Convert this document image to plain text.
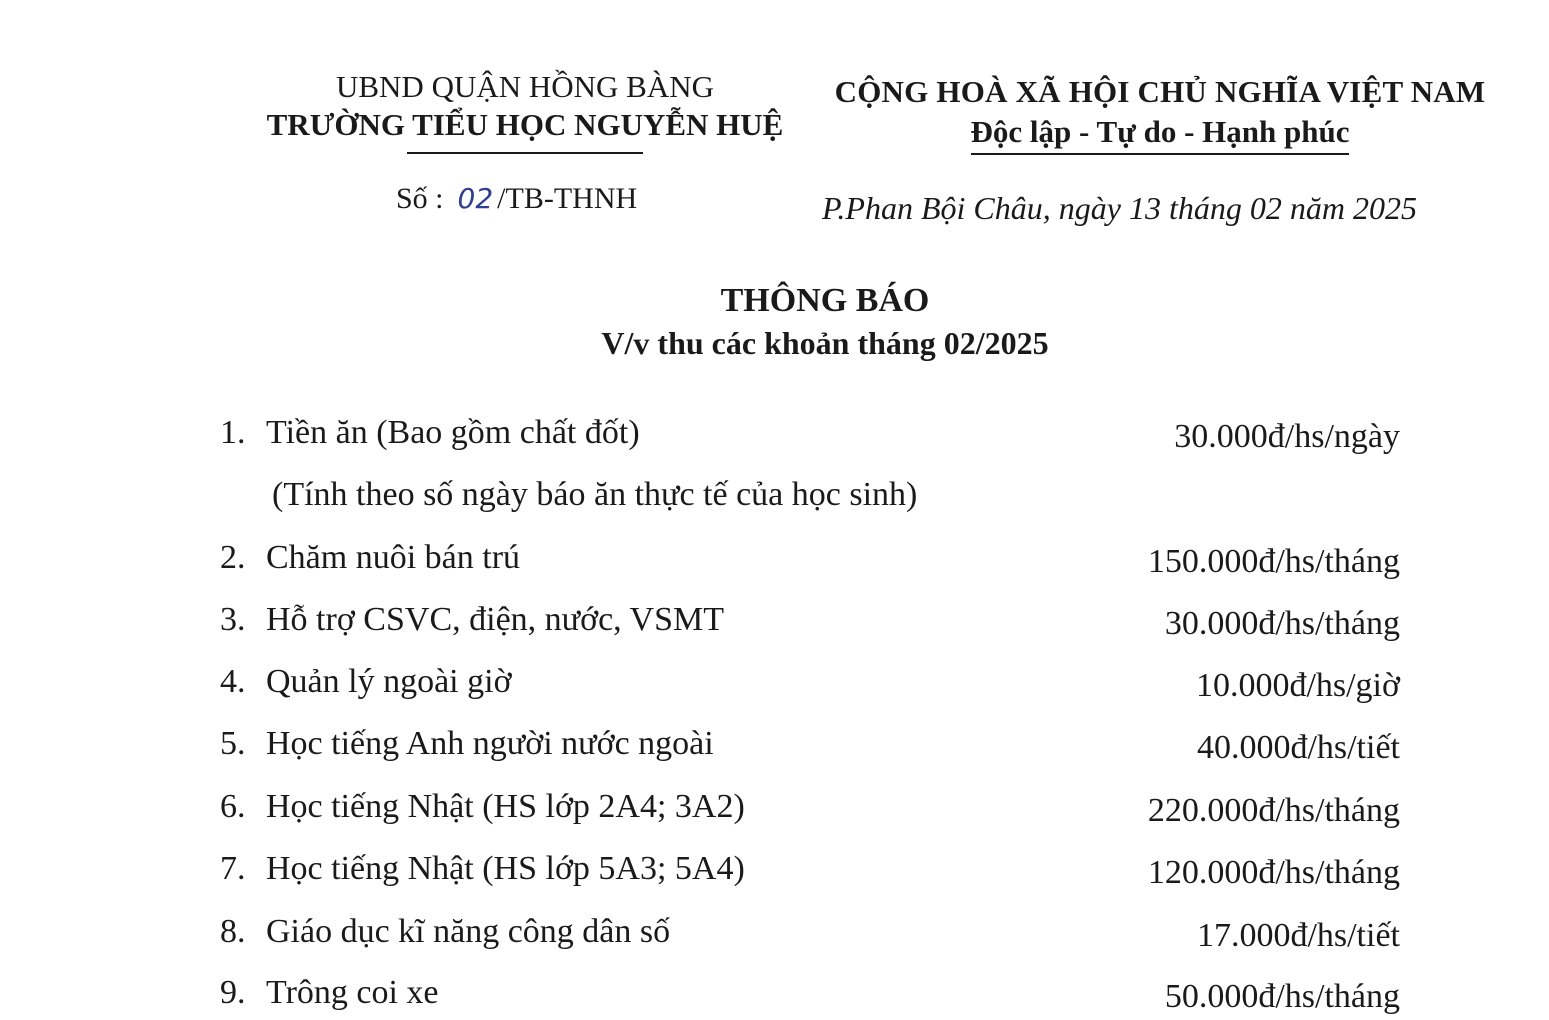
UBND QUẬN HỒNG BÀNG
TRƯỜNG TIỂU HỌC NGUYỄN HUỆ
CỘNG HOÀ XÃ HỘI CHỦ NGHĨA VIỆT NAM
Độc lập - Tự do - Hạnh phúc
Số : 02 /TB-THNH	P.Phan Bội Châu, ngày 13 tháng 02 năm 2025
THÔNG BÁO
V/v thu các khoản tháng 02/2025
1. Tiền ăn (Bao gồm chất đốt)	30.000đ/hs/ngày
(Tính theo số ngày báo ăn thực tế của học sinh)
2. Chăm nuôi bán trú	150.000đ/hs/tháng
3. Hỗ trợ CSVC, điện, nước, VSMT	30.000đ/hs/tháng
4. Quản lý ngoài giờ	10.000đ/hs/giờ
5. Học tiếng Anh người nước ngoài	40.000đ/hs/tiết
6. Học tiếng Nhật (HS lớp 2A4; 3A2)	220.000đ/hs/tháng
7. Học tiếng Nhật (HS lớp 5A3; 5A4)	120.000đ/hs/tháng
8. Giáo dục kĩ năng công dân số	17.000đ/hs/tiết
9. Trông coi xe	50.000đ/hs/tháng
